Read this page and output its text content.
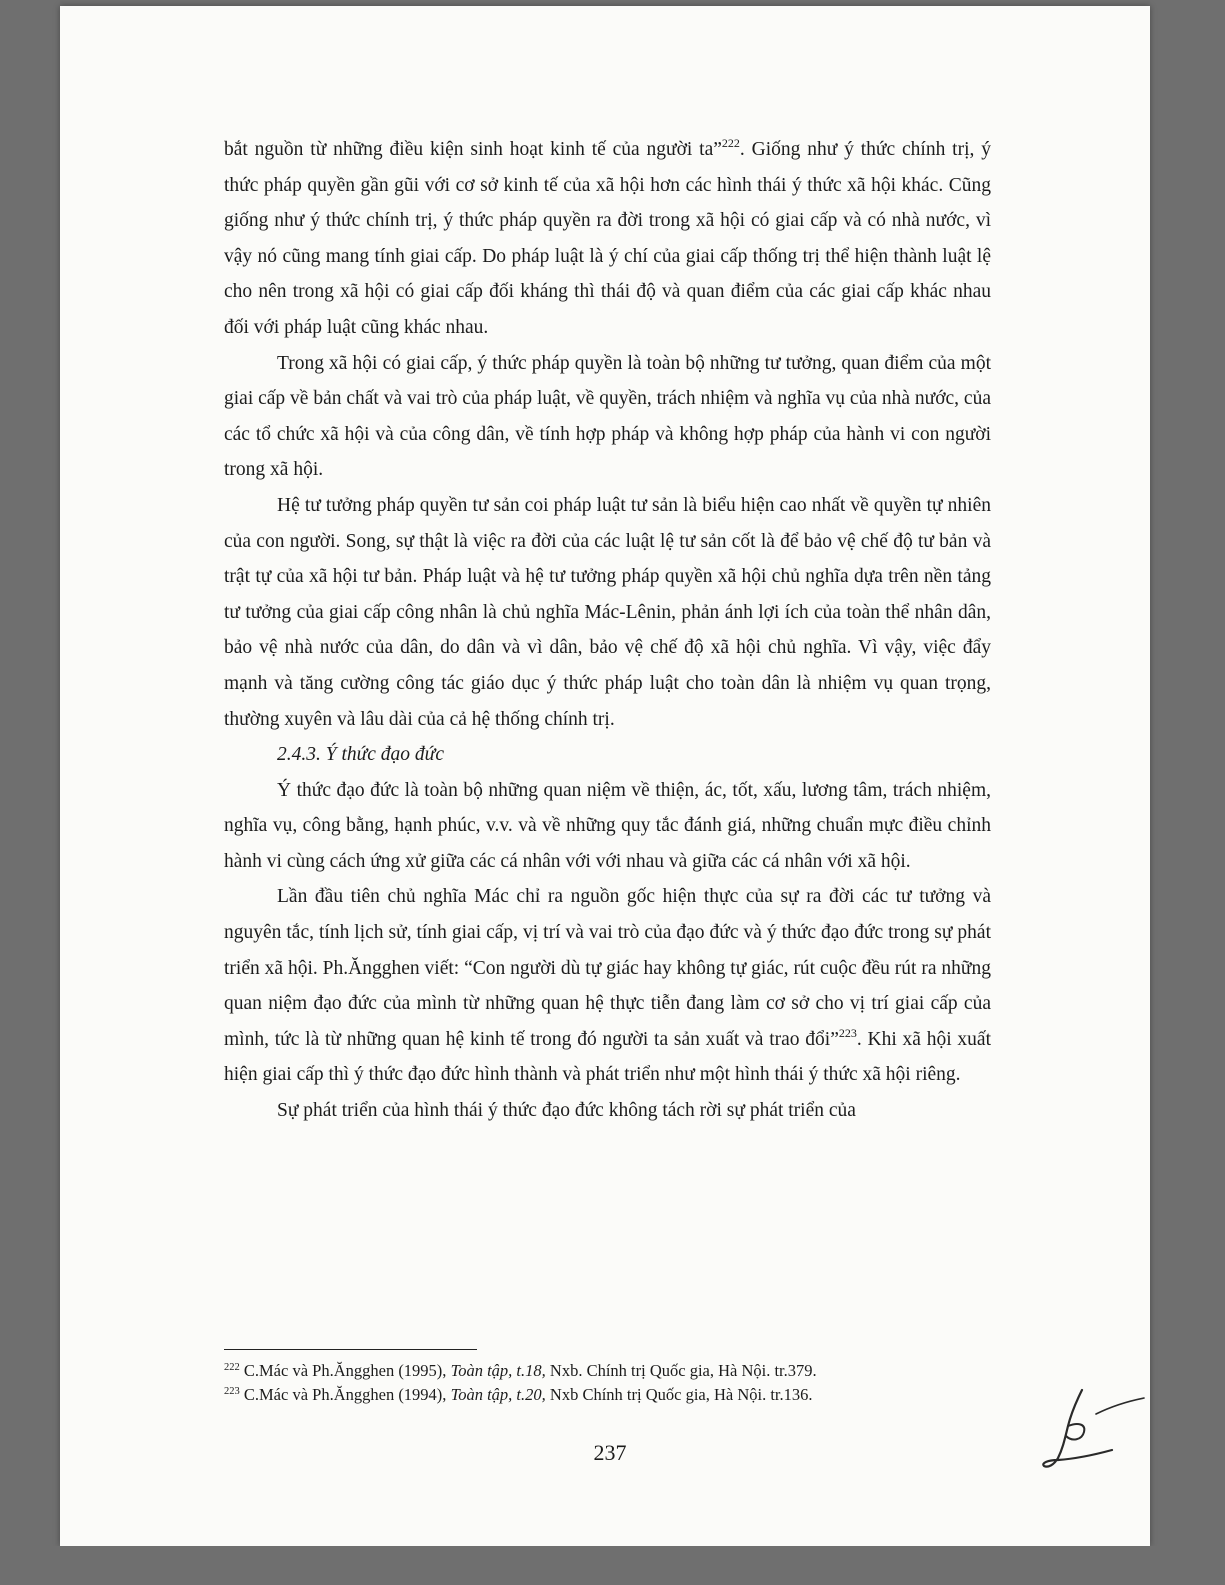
bắt nguồn từ những điều kiện sinh hoạt kinh tế của người ta”$^{222}$. Giống như ý thức chính trị, ý thức pháp quyền gần gũi với cơ sở kinh tế của xã hội hơn các hình thái ý thức xã hội khác. Cũng giống như ý thức chính trị, ý thức pháp quyền ra đời trong xã hội có giai cấp và có nhà nước, vì vậy nó cũng mang tính giai cấp. Do pháp luật là ý chí của giai cấp thống trị thể hiện thành luật lệ cho nên trong xã hội có giai cấp đối kháng thì thái độ và quan điểm của các giai cấp khác nhau đối với pháp luật cũng khác nhau.

Trong xã hội có giai cấp, ý thức pháp quyền là toàn bộ những tư tưởng, quan điểm của một giai cấp về bản chất và vai trò của pháp luật, về quyền, trách nhiệm và nghĩa vụ của nhà nước, của các tổ chức xã hội và của công dân, về tính hợp pháp và không hợp pháp của hành vi con người trong xã hội.

Hệ tư tưởng pháp quyền tư sản coi pháp luật tư sản là biểu hiện cao nhất về quyền tự nhiên của con người. Song, sự thật là việc ra đời của các luật lệ tư sản cốt là để bảo vệ chế độ tư bản và trật tự của xã hội tư bản. Pháp luật và hệ tư tưởng pháp quyền xã hội chủ nghĩa dựa trên nền tảng tư tưởng của giai cấp công nhân là chủ nghĩa Mác-Lênin, phản ánh lợi ích của toàn thể nhân dân, bảo vệ nhà nước của dân, do dân và vì dân, bảo vệ chế độ xã hội chủ nghĩa. Vì vậy, việc đẩy mạnh và tăng cường công tác giáo dục ý thức pháp luật cho toàn dân là nhiệm vụ quan trọng, thường xuyên và lâu dài của cả hệ thống chính trị.

2.4.3. Ý thức đạo đức

Ý thức đạo đức là toàn bộ những quan niệm về thiện, ác, tốt, xấu, lương tâm, trách nhiệm, nghĩa vụ, công bằng, hạnh phúc, v.v. và về những quy tắc đánh giá, những chuẩn mực điều chỉnh hành vi cùng cách ứng xử giữa các cá nhân với với nhau và giữa các cá nhân với xã hội.

Lần đầu tiên chủ nghĩa Mác chỉ ra nguồn gốc hiện thực của sự ra đời các tư tưởng và nguyên tắc, tính lịch sử, tính giai cấp, vị trí và vai trò của đạo đức và ý thức đạo đức trong sự phát triển xã hội. Ph.Ăngghen viết: “Con người dù tự giác hay không tự giác, rút cuộc đều rút ra những quan niệm đạo đức của mình từ những quan hệ thực tiễn đang làm cơ sở cho vị trí giai cấp của mình, tức là từ những quan hệ kinh tế trong đó người ta sản xuất và trao đổi”$^{223}$. Khi xã hội xuất hiện giai cấp thì ý thức đạo đức hình thành và phát triển như một hình thái ý thức xã hội riêng.

Sự phát triển của hình thái ý thức đạo đức không tách rời sự phát triển của

$^{222}$ C.Mác và Ph.Ăngghen (1995), Toàn tập, t.18, Nxb. Chính trị Quốc gia, Hà Nội. tr.379.
$^{223}$ C.Mác và Ph.Ăngghen (1994), Toàn tập, t.20, Nxb Chính trị Quốc gia, Hà Nội. tr.136.
237
